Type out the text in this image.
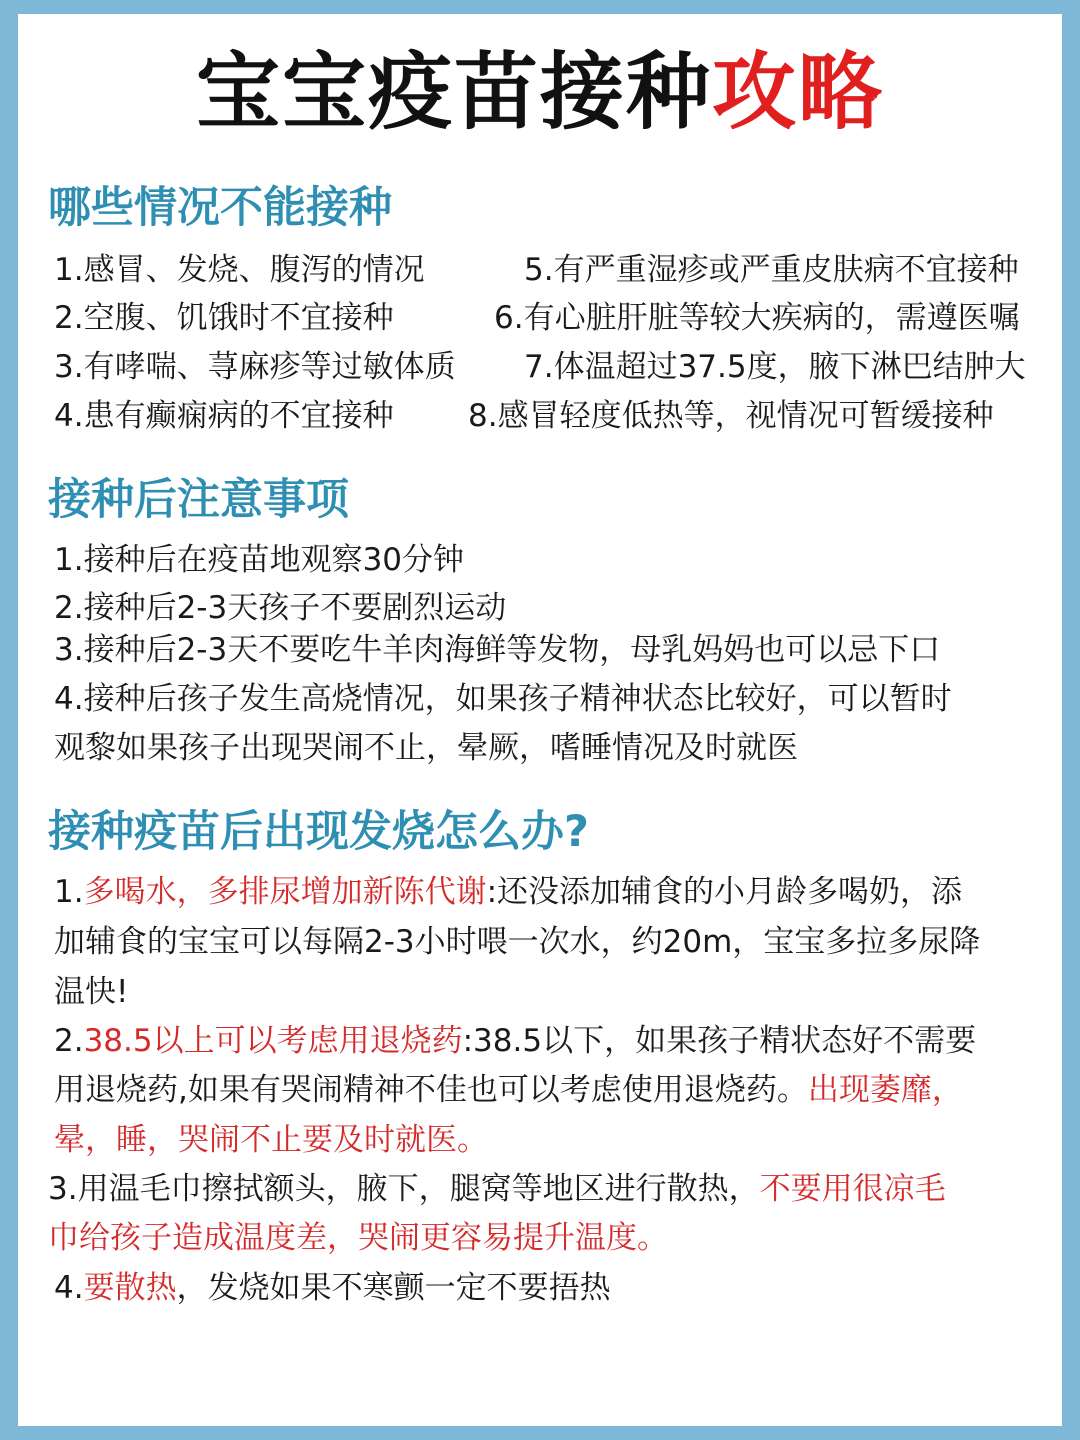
宝宝疫苗接种攻略
哪些情况不能接种
1.感冒、发烧、腹泻的情况	5.有严重湿疹或严重皮肤病不宜接种
2.空腹、饥饿时不宜接种	6.有心脏肝脏等较大疾病的，需遵医嘱
3.有哮喘、荨麻疹等过敏体质 7.体温超过37.5度，腋下淋巴结肿大
4.患有癫痫病的不宜接种 8.感冒轻度低热等，视情况可暂缓接种
接种后注意事项
1.接种后在疫苗地观察30分钟
2.接种后2-3天孩子不要剧烈运动
3.接种后2-3天不要吃牛羊肉海鲜等发物，母乳妈妈也可以忌下口
4.接种后孩子发生高烧情况，如果孩子精神状态比较好，可以暂时
观黎如果孩子出现哭闹不止，晕厥，嗜睡情况及时就医
接种疫苗后出现发烧怎么办?
1.多喝水，多排尿增加新陈代谢:还没添加辅食的小月龄多喝奶，添
加辅食的宝宝可以每隔2-3小时喂一次水，约20m，宝宝多拉多尿降
温快!
2.38.5以上可以考虑用退烧药:38.5以下，如果孩子精状态好不需要
用退烧药,如果有哭闹精神不佳也可以考虑使用退烧药。出现萎靡，
晕，睡，哭闹不止要及时就医。
3.用温毛巾擦拭额头，腋下，腿窝等地区进行散热，不要用很凉毛
巾给孩子造成温度差，哭闹更容易提升温度。
4.要散热，发烧如果不寒颤一定不要捂热
